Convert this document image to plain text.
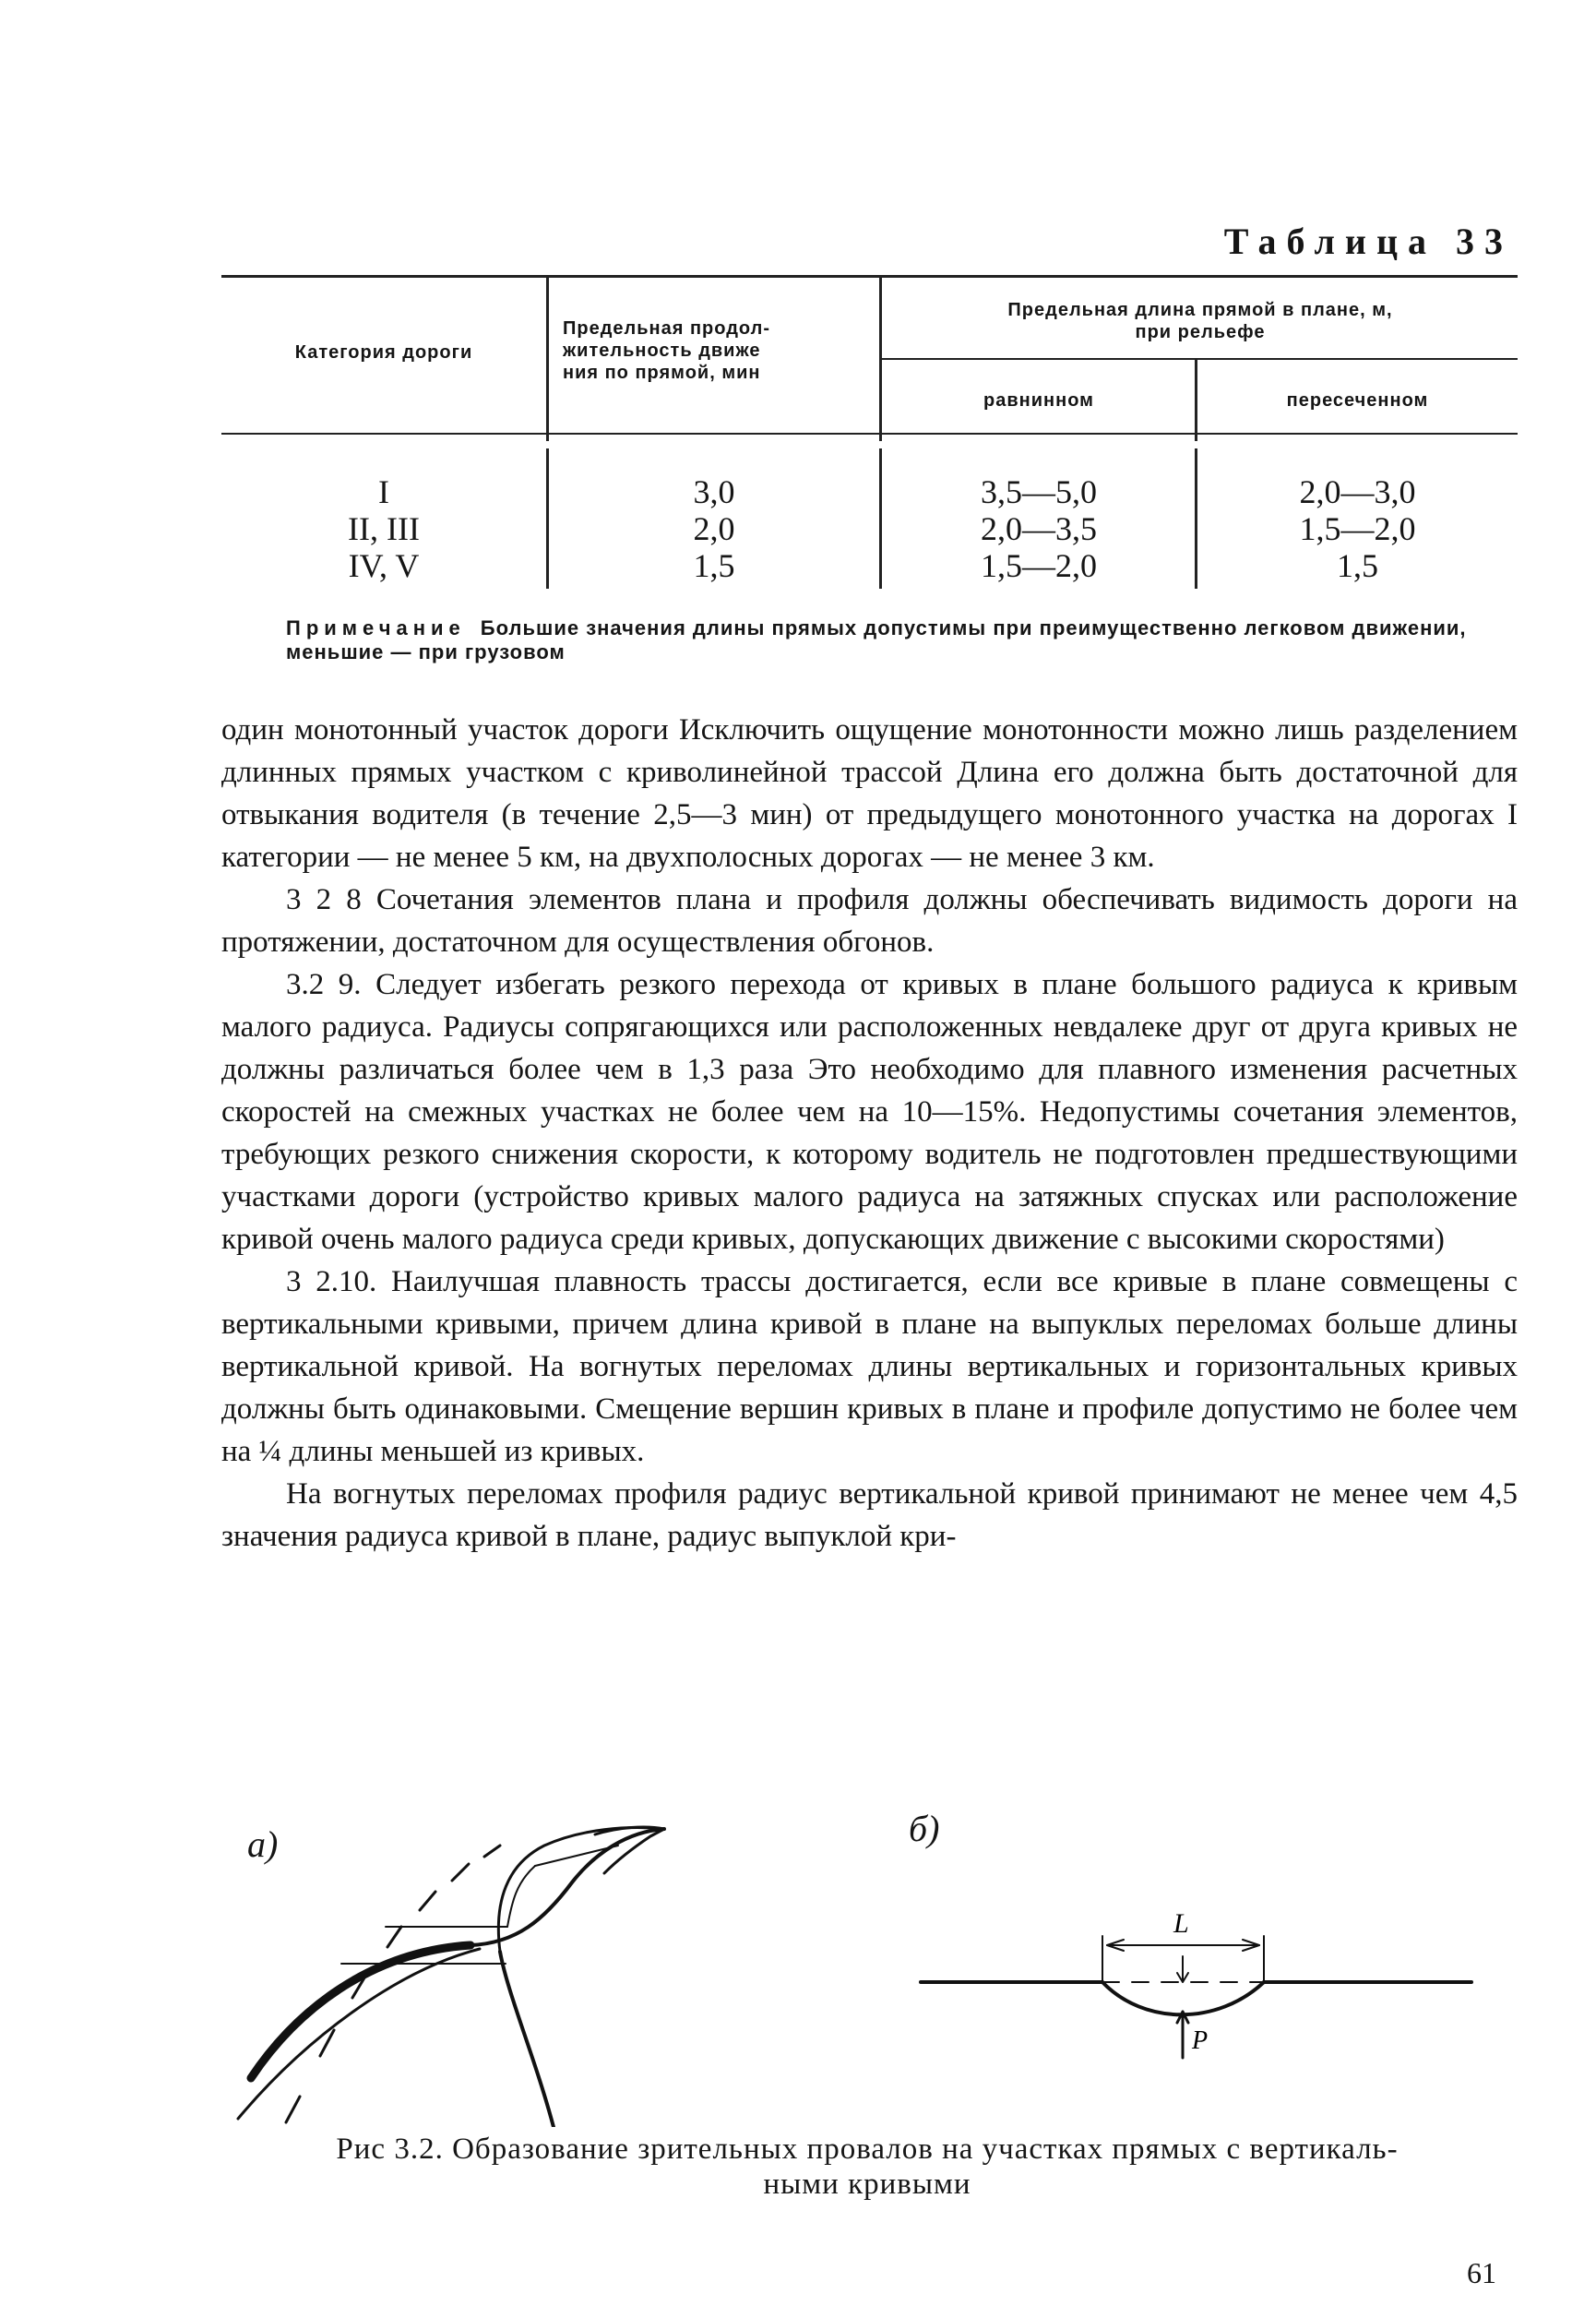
Таблица 33
Категория дороги
Предельная продол-
жительность движе
ния по прямой, мин
Предельная длина прямой в плане, м,
при рельефе
равнинном	пересеченном
I
II, III
IV, V
3,0
2,0
1,5
3,5—5,0
2,0—3,5
1,5—2,0
2,0—3,0
1,5—2,0
1,5
Примечание Большие значения длины прямых допустимы при преимущественно легковом движении, меньшие — при грузовом

один монотонный участок дороги Исключить ощущение монотонности можно лишь разделением длинных прямых участком с криволинейной трассой Длина его должна быть достаточной для отвыкания водителя (в течение 2,5—3 мин) от предыдущего монотонного участка на дорогах I категории — не менее 5 км, на двухполосных дорогах — не менее 3 км.

3 2 8 Сочетания элементов плана и профиля должны обеспечивать видимость дороги на протяжении, достаточном для осуществления обгонов.

3.2 9. Следует избегать резкого перехода от кривых в плане большого радиуса к кривым малого радиуса. Радиусы сопрягающихся или расположенных невдалеке друг от друга кривых не должны различаться более чем в 1,3 раза Это необходимо для плавного изменения расчетных скоростей на смежных участках не более чем на 10—15%. Недопустимы сочетания элементов, требующих резкого снижения скорости, к которому водитель не подготовлен предшествующими участками дороги (устройство кривых малого радиуса на затяжных спусках или расположение кривой очень малого радиуса среди кривых, допускающих движение с высокими скоростями)

3 2.10. Наилучшая плавность трассы достигается, если все кривые в плане совмещены с вертикальными кривыми, причем длина кривой в плане на выпуклых переломах больше длины вертикальной кривой. На вогнутых переломах длины вертикальных и горизонтальных кривых должны быть одинаковыми. Смещение вершин кривых в плане и профиле допустимо не более чем на ¼ длины меньшей из кривых.

На вогнутых переломах профиля радиус вертикальной кривой принимают не менее чем 4,5 значения радиуса кривой в плане, радиус выпуклой кри-

а)	б)
L
P
Рис 3.2. Образование зрительных провалов на участках прямых с вертикаль-
ными кривыми
61
